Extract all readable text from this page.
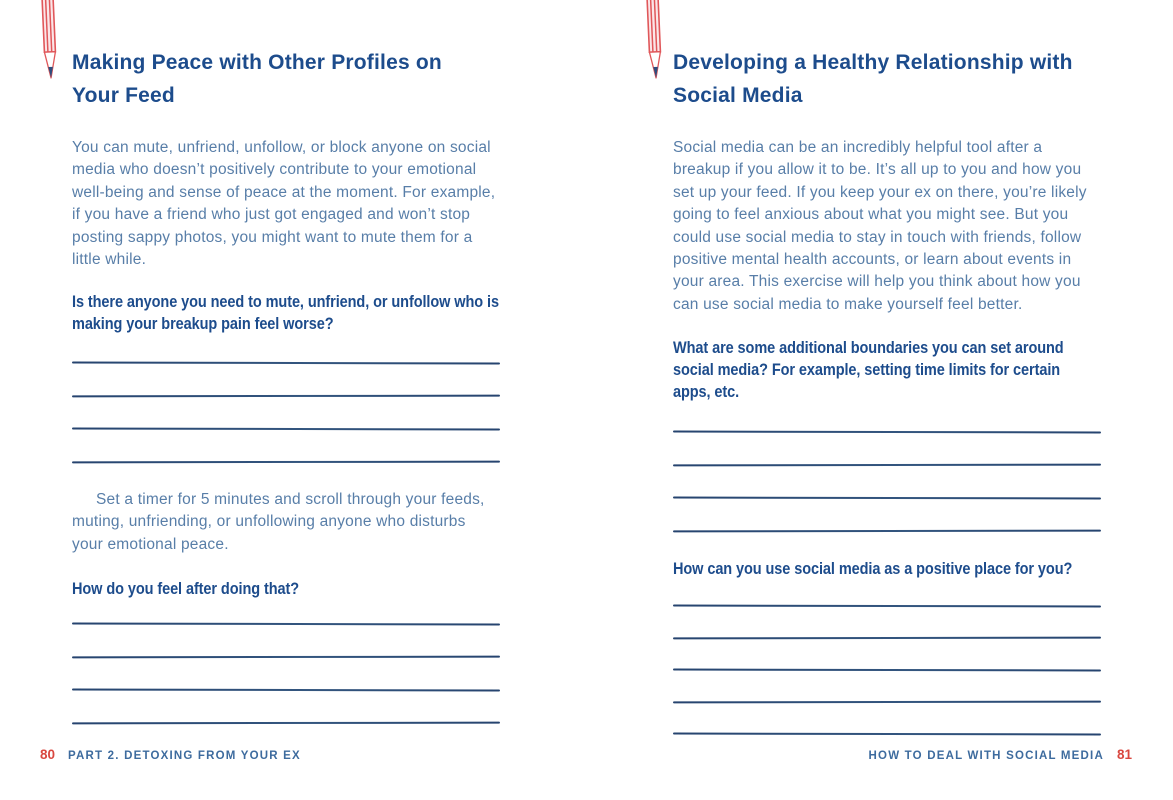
Making Peace with Other Profiles on Your Feed

You can mute, unfriend, unfollow, or block anyone on social media who doesn’t positively contribute to your emotional well-being and sense of peace at the moment. For example, if you have a friend who just got engaged and won’t stop posting sappy photos, you might want to mute them for a little while.

Is there anyone you need to mute, unfriend, or unfollow who is making your breakup pain feel worse?

Set a timer for 5 minutes and scroll through your feeds, muting, unfriending, or unfollowing anyone who disturbs your emotional peace.

How do you feel after doing that?

80 PART 2. DETOXING FROM YOUR EX
Developing a Healthy Relationship with Social Media

Social media can be an incredibly helpful tool after a breakup if you allow it to be. It’s all up to you and how you set up your feed. If you keep your ex on there, you’re likely going to feel anxious about what you might see. But you could use social media to stay in touch with friends, follow positive mental health accounts, or learn about events in your area. This exercise will help you think about how you can use social media to make yourself feel better.

What are some additional boundaries you can set around social media? For example, setting time limits for certain apps, etc.

How can you use social media as a positive place for you?

HOW TO DEAL WITH SOCIAL MEDIA 81
